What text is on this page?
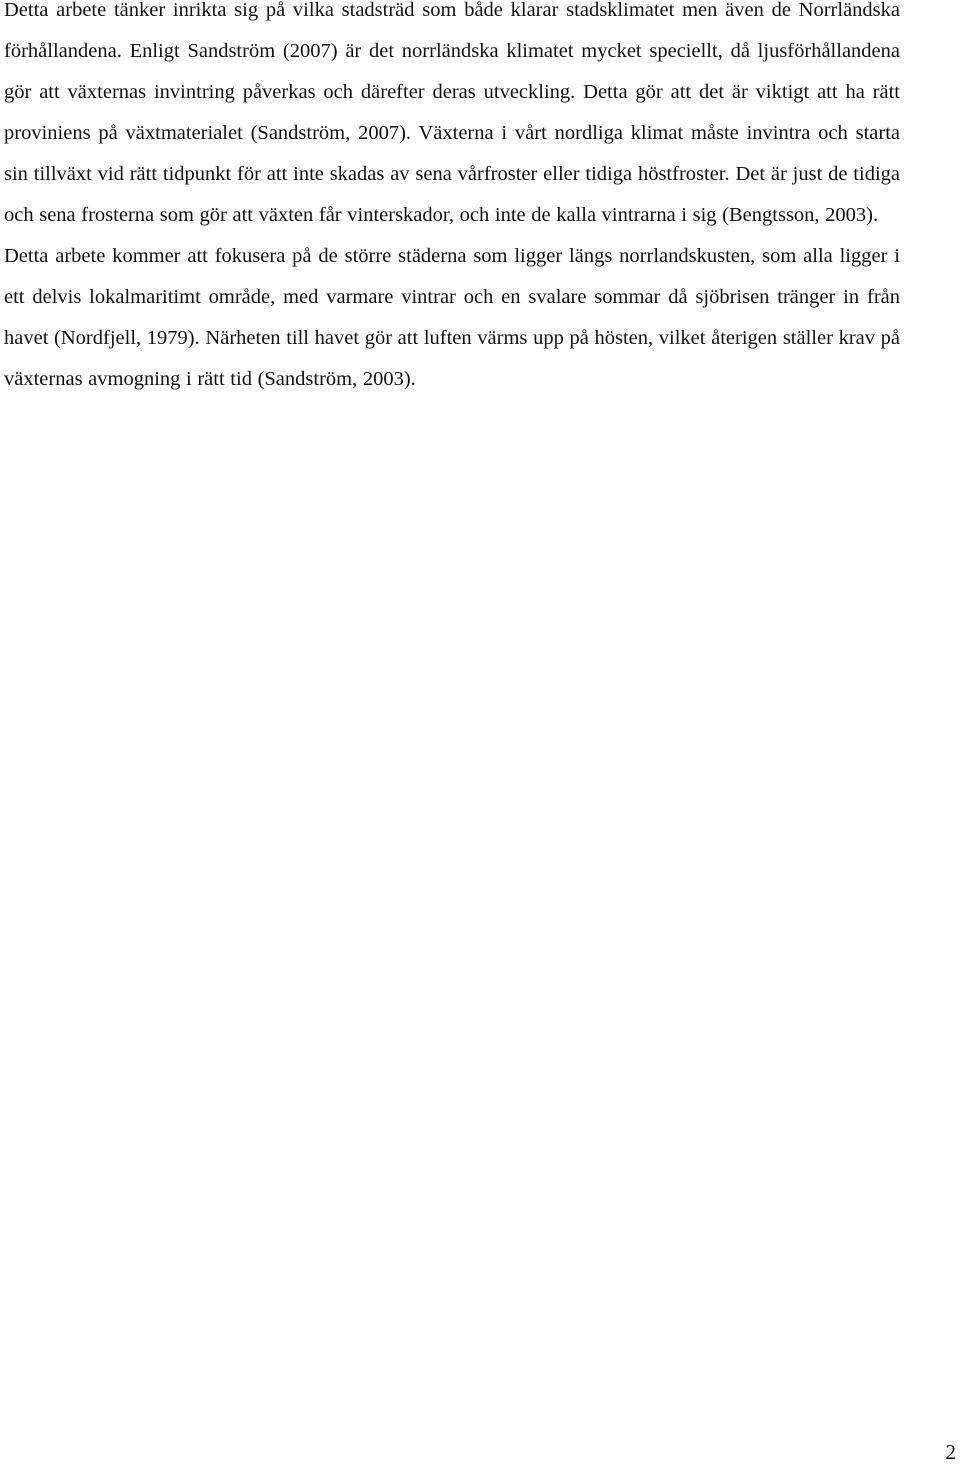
Detta arbete tänker inrikta sig på vilka stadsträd som både klarar stadsklimatet men även de Norrländska förhållandena. Enligt Sandström (2007) är det norrländska klimatet mycket speciellt, då ljusförhållandena gör att växternas invintring påverkas och därefter deras utveckling. Detta gör att det är viktigt att ha rätt proviniens på växtmaterialet (Sandström, 2007). Växterna i vårt nordliga klimat måste invintra och starta sin tillväxt vid rätt tidpunkt för att inte skadas av sena vårfroster eller tidiga höstfroster. Det är just de tidiga och sena frosterna som gör att växten får vinterskador, och inte de kalla vintrarna i sig (Bengtsson, 2003).

Detta arbete kommer att fokusera på de större städerna som ligger längs norrlandskusten, som alla ligger i ett delvis lokalmaritimt område, med varmare vintrar och en svalare sommar då sjöbrisen tränger in från havet (Nordfjell, 1979). Närheten till havet gör att luften värms upp på hösten, vilket återigen ställer krav på växternas avmogning i rätt tid (Sandström, 2003).

2
